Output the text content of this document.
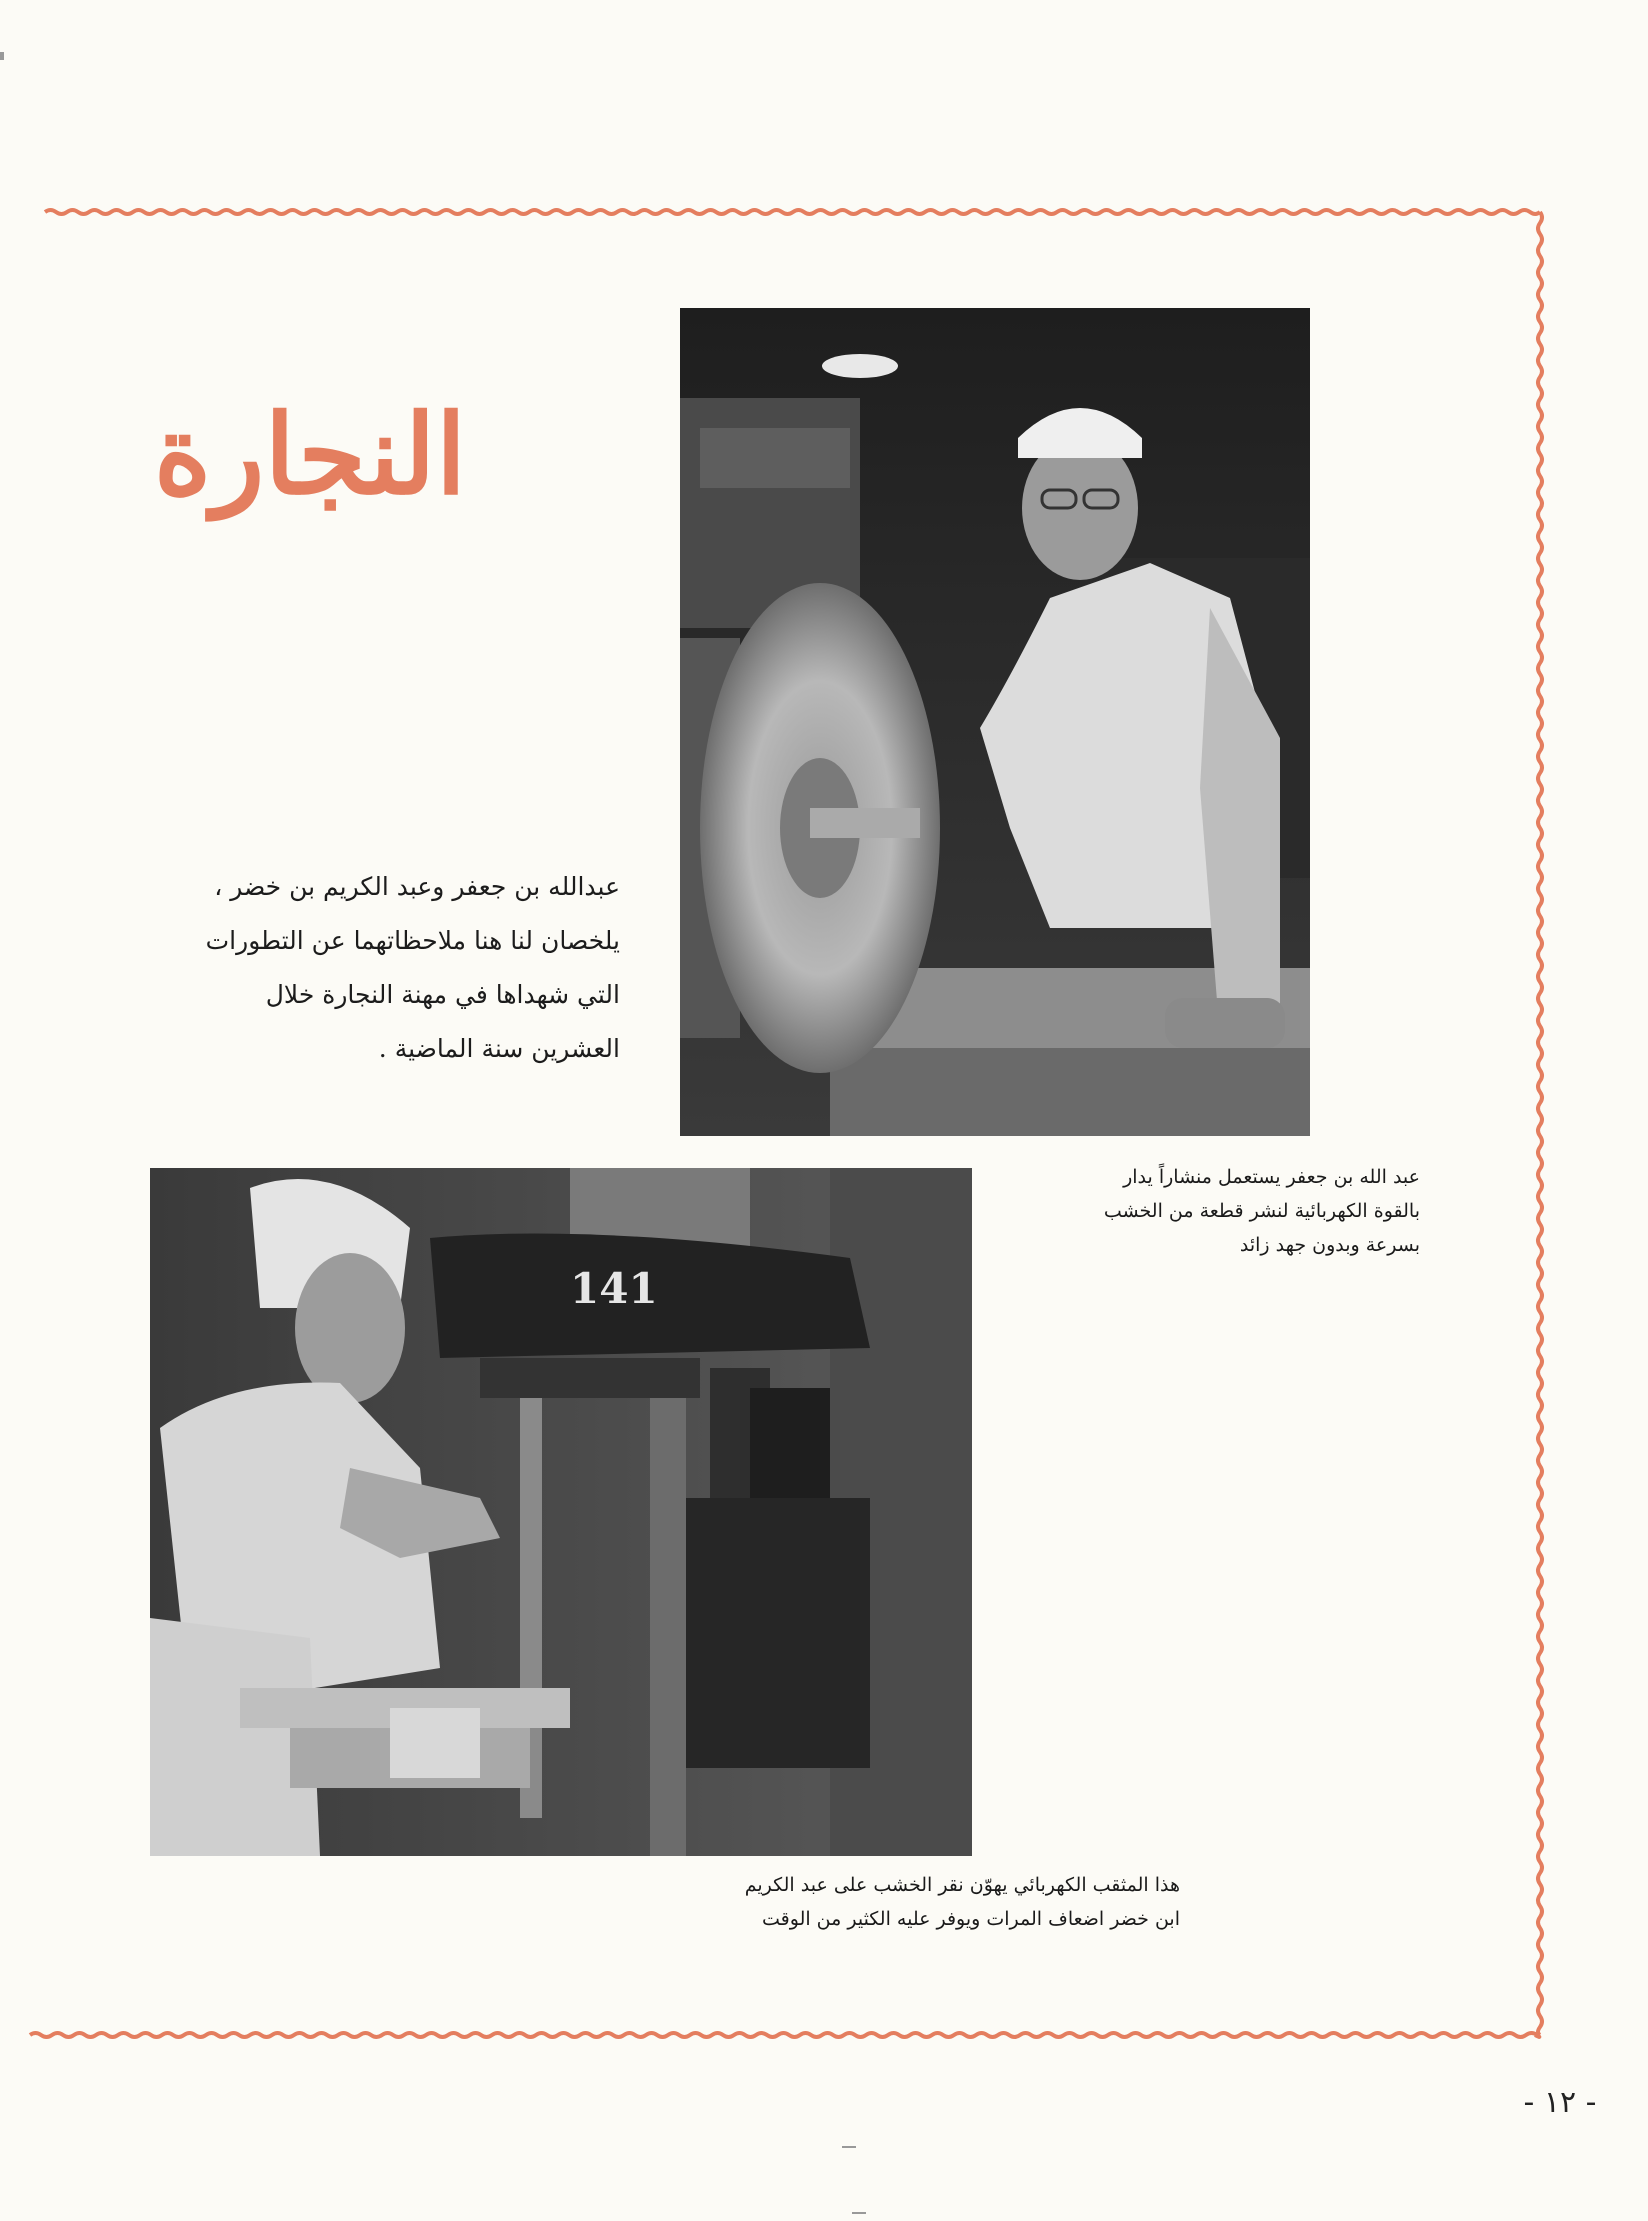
النجارة
عبدالله بن جعفر وعبد الكريم بن خضر ،
يلخصان لنا هنا ملاحظاتهما عن التطورات
التي شهداها في مهنة النجارة خلال
العشرين سنة الماضية .
عبد الله بن جعفر يستعمل منشاراً يدار
بالقوة الكهربائية لنشر قطعة من الخشب
بسرعة وبدون جهد زائد
141
هذا المثقب الكهربائي يهوّن نقر الخشب على عبد الكريم
ابن خضر اضعاف المرات ويوفر عليه الكثير من الوقت
- ١٢ -
